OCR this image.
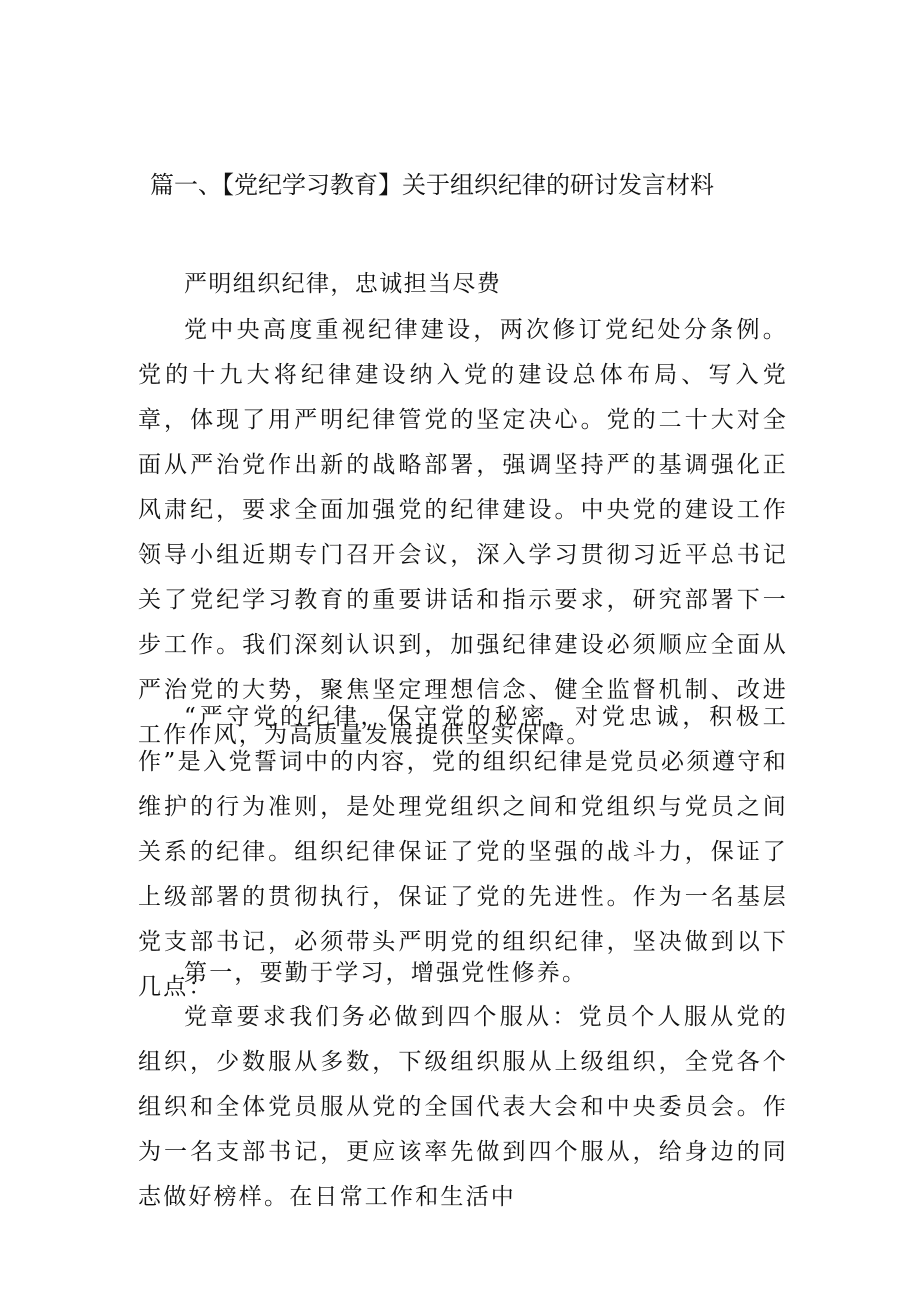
篇一、【党纪学习教育】关于组织纪律的研讨发言材料
严明组织纪律，忠诚担当尽费

党中央高度重视纪律建设，两次修订党纪处分条例。党的十九大将纪律建设纳入党的建设总体布局、写入党章，体现了用严明纪律管党的坚定决心。党的二十大对全面从严治党作出新的战略部署，强调坚持严的基调强化正风肃纪，要求全面加强党的纪律建设。中央党的建设工作领导小组近期专门召开会议，深入学习贯彻习近平总书记关了党纪学习教育的重要讲话和指示要求，研究部署下一步工作。我们深刻认识到，加强纪律建设必须顺应全面从严治党的大势，聚焦坚定理想信念、健全监督机制、改进工作作风，为高质量发展提供坚实保障。

“严守党的纪律，保守党的秘密，对党忠诚，积极工作”是入党誓词中的内容，党的组织纪律是党员必须遵守和维护的行为准则，是处理党组织之间和党组织与党员之间关系的纪律。组织纪律保证了党的坚强的战斗力，保证了上级部署的贯彻执行，保证了党的先进性。作为一名基层党支部书记，必须带头严明党的组织纪律，坚决做到以下几点：

第一，要勤于学习，增强党性修养。

党章要求我们务必做到四个服从：党员个人服从党的组织，少数服从多数，下级组织服从上级组织，全党各个组织和全体党员服从党的全国代表大会和中央委员会。作为一名支部书记，更应该率先做到四个服从，给身边的同志做好榜样。在日常工作和生活中
